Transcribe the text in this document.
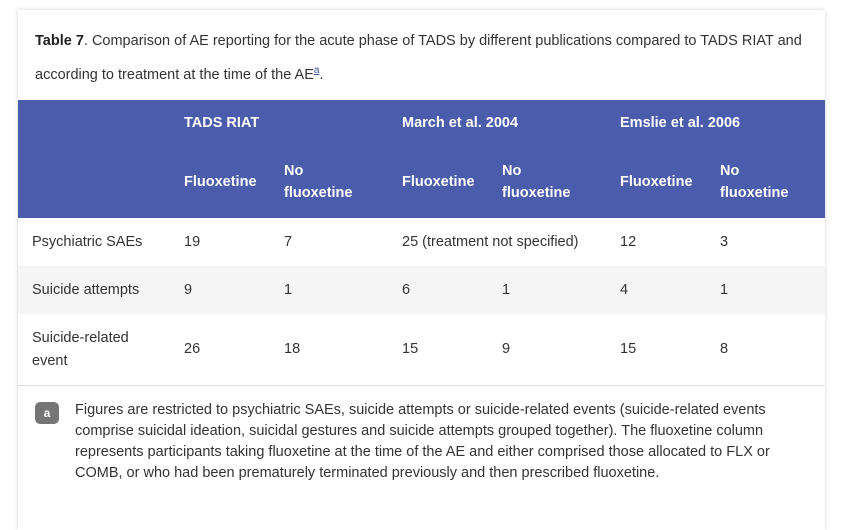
Table 7. Comparison of AE reporting for the acute phase of TADS by different publications compared to TADS RIAT and according to treatment at the time of the $AE^a$.
	TADS RIAT		March et al. 2004		Emslie et al. 2006	
	Fluoxetine	No fluoxetine	Fluoxetine	No fluoxetine	Fluoxetine	No fluoxetine
Psychiatric SAEs	19	7	25 (treatment not specified)		12	3
Suicide attempts	9	1	6	1	4	1
Suicide-related event	26	18	15	9	15	8
a	Figures are restricted to psychiatric SAEs, suicide attempts or suicide-related events (suicide-related events comprise suicidal ideation, suicidal gestures and suicide attempts grouped together). The fluoxetine column represents participants taking fluoxetine at the time of the AE and either comprised those allocated to FLX or COMB, or who had been prematurely terminated previously and then prescribed fluoxetine.
